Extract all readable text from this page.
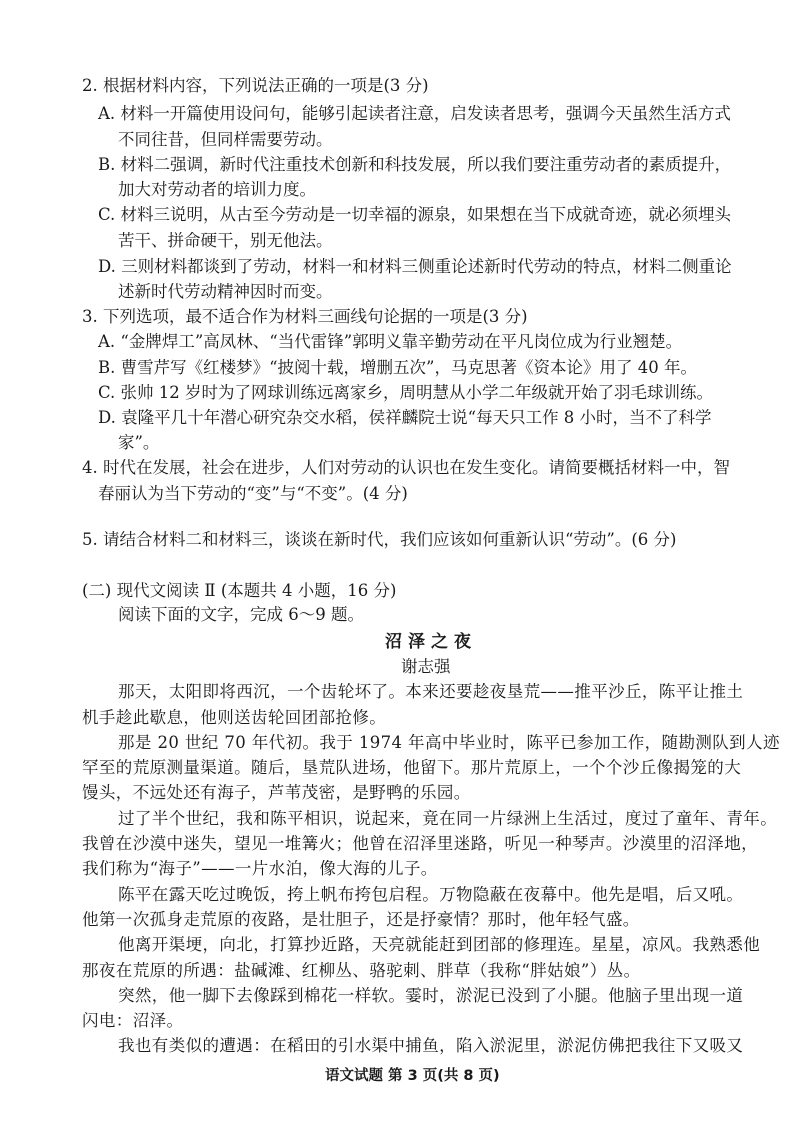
2. 根据材料内容，下列说法正确的一项是(3 分)
A. 材料一开篇使用设问句，能够引起读者注意，启发读者思考，强调今天虽然生活方式
不同往昔，但同样需要劳动。
B. 材料二强调，新时代注重技术创新和科技发展，所以我们要注重劳动者的素质提升，
加大对劳动者的培训力度。
C. 材料三说明，从古至今劳动是一切幸福的源泉，如果想在当下成就奇迹，就必须埋头
苦干、拼命硬干，别无他法。
D. 三则材料都谈到了劳动，材料一和材料三侧重论述新时代劳动的特点，材料二侧重论
述新时代劳动精神因时而变。
3. 下列选项，最不适合作为材料三画线句论据的一项是(3 分)
A. “金牌焊工”高凤林、“当代雷锋”郭明义靠辛勤劳动在平凡岗位成为行业翘楚。
B. 曹雪芹写《红楼梦》“披阅十载，增删五次”，马克思著《资本论》用了 40 年。
C. 张帅 12 岁时为了网球训练远离家乡，周明慧从小学二年级就开始了羽毛球训练。
D. 袁隆平几十年潜心研究杂交水稻，侯祥麟院士说“每天只工作 8 小时，当不了科学
家”。
4. 时代在发展，社会在进步，人们对劳动的认识也在发生变化。请简要概括材料一中，智
春丽认为当下劳动的“变”与“不变”。(4 分)
5. 请结合材料二和材料三，谈谈在新时代，我们应该如何重新认识“劳动”。(6 分)
(二) 现代文阅读 Ⅱ (本题共 4 小题，16 分)
阅读下面的文字，完成 6～9 题。
沼泽之夜
谢志强
那天，太阳即将西沉，一个齿轮坏了。本来还要趁夜垦荒——推平沙丘，陈平让推土
机手趁此歇息，他则送齿轮回团部抢修。
那是 20 世纪 70 年代初。我于 1974 年高中毕业时，陈平已参加工作，随勘测队到人迹
罕至的荒原测量渠道。随后，垦荒队进场，他留下。那片荒原上，一个个沙丘像揭笼的大
馒头，不远处还有海子，芦苇茂密，是野鸭的乐园。
过了半个世纪，我和陈平相识，说起来，竟在同一片绿洲上生活过，度过了童年、青年。
我曾在沙漠中迷失，望见一堆篝火；他曾在沼泽里迷路，听见一种琴声。沙漠里的沼泽地，
我们称为“海子”——一片水泊，像大海的儿子。
陈平在露天吃过晚饭，挎上帆布挎包启程。万物隐蔽在夜幕中。他先是唱，后又吼。
他第一次孤身走荒原的夜路，是壮胆子，还是抒豪情？那时，他年轻气盛。
他离开渠埂，向北，打算抄近路，天亮就能赶到团部的修理连。星星，凉风。我熟悉他
那夜在荒原的所遇：盐碱滩、红柳丛、骆驼刺、胖草（我称“胖姑娘”）丛。
突然，他一脚下去像踩到棉花一样软。霎时，淤泥已没到了小腿。他脑子里出现一道
闪电：沼泽。
我也有类似的遭遇：在稻田的引水渠中捕鱼，陷入淤泥里，淤泥仿佛把我往下又吸又
语文试题 第 3 页(共 8 页)
